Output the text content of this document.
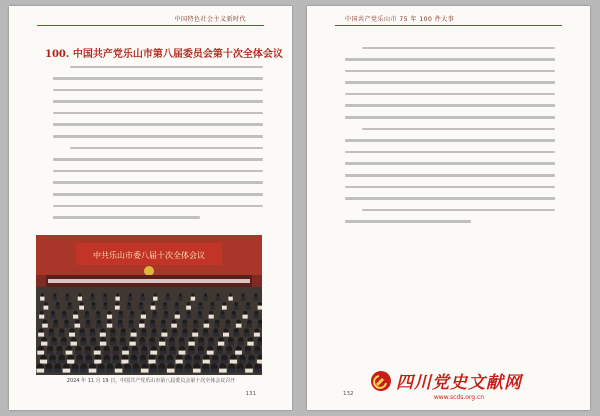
中国特色社会主义新时代
100. 中国共产党乐山市第八届委员会第十次全体会议
中共乐山市委八届十次全体会议
2024 年 11 月 19 日，中国共产党乐山市第八届委员会第十次全体会议召开
131
中国共产党乐山市 75 年 100 件大事
132
四川党史文献网
www.scds.org.cn
